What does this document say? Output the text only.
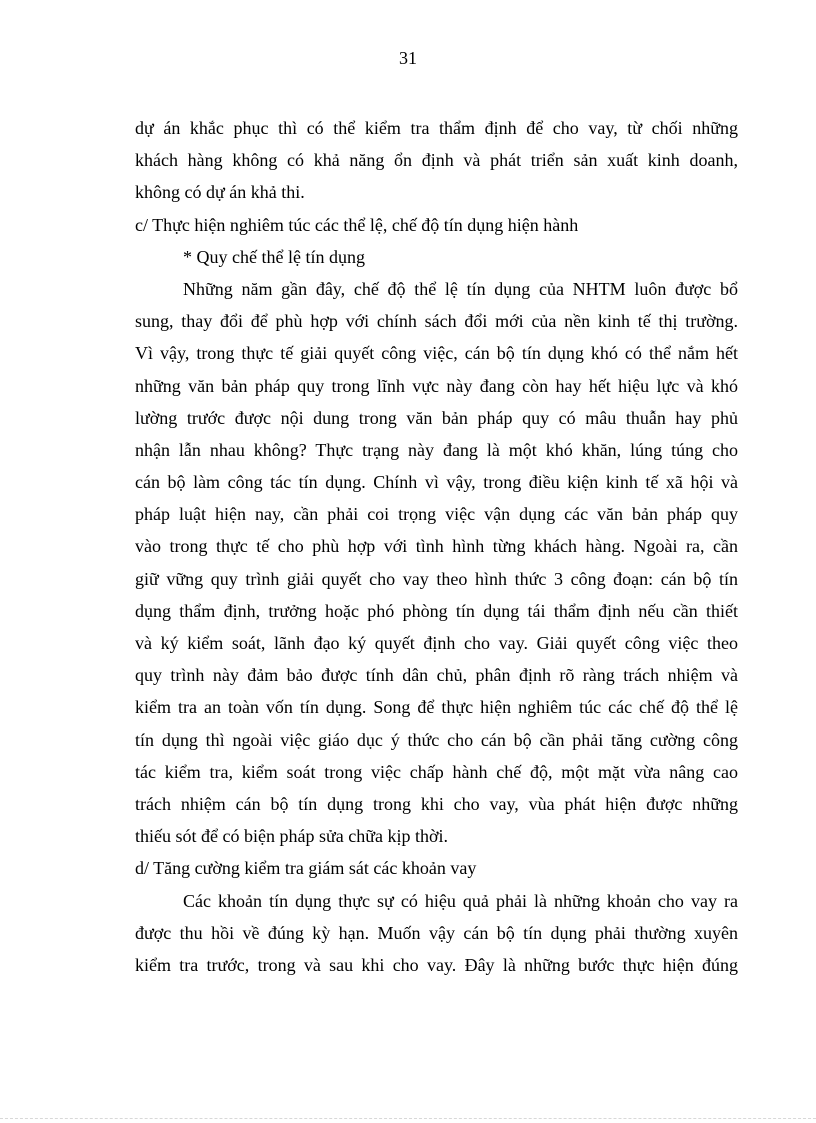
31
dự án khắc phục thì có thể kiểm tra thẩm định để cho vay, từ chối những
khách hàng không có khả năng ổn định và phát triển sản xuất kinh doanh,
không có dự án khả thi.
c/ Thực hiện nghiêm túc các thể lệ, chế độ tín dụng hiện hành
* Quy chế thể lệ tín dụng
Những năm gần đây, chế độ thể lệ tín dụng của NHTM luôn được bổ
sung, thay đổi để phù hợp với chính sách đổi mới của nền kinh tế thị trường.
Vì vậy, trong thực tế giải quyết công việc, cán bộ tín dụng khó có thể nắm hết
những văn bản pháp quy trong lĩnh vực này đang còn hay hết hiệu lực và khó
lường trước được nội dung trong văn bản pháp quy có mâu thuẫn hay phủ
nhận lẫn nhau không? Thực trạng này đang là một khó khăn, lúng túng cho
cán bộ làm công tác tín dụng. Chính vì vậy, trong điều kiện kinh tế xã hội và
pháp luật hiện nay, cần phải coi trọng việc vận dụng các văn bản pháp quy
vào trong thực tế cho phù hợp với tình hình từng khách hàng. Ngoài ra, cần
giữ vững quy trình giải quyết cho vay theo hình thức 3 công đoạn: cán bộ tín
dụng thẩm định, trưởng hoặc phó phòng tín dụng tái thẩm định nếu cần thiết
và ký kiểm soát, lãnh đạo ký quyết định cho vay. Giải quyết công việc theo
quy trình này đảm bảo được tính dân chủ, phân định rõ ràng trách nhiệm và
kiểm tra an toàn vốn tín dụng. Song để thực hiện nghiêm túc các chế độ thể lệ
tín dụng thì ngoài việc giáo dục ý thức cho cán bộ cần phải tăng cường công
tác kiểm tra, kiểm soát trong việc chấp hành chế độ, một mặt vừa nâng cao
trách nhiệm cán bộ tín dụng trong khi cho vay, vùa phát hiện được những
thiếu sót để có biện pháp sửa chữa kịp thời.
d/ Tăng cường kiểm tra giám sát các khoản vay
Các khoản tín dụng thực sự có hiệu quả phải là những khoản cho vay ra
được thu hồi về đúng kỳ hạn. Muốn vậy cán bộ tín dụng phải thường xuyên
kiểm tra trước, trong và sau khi cho vay. Đây là những bước thực hiện đúng
